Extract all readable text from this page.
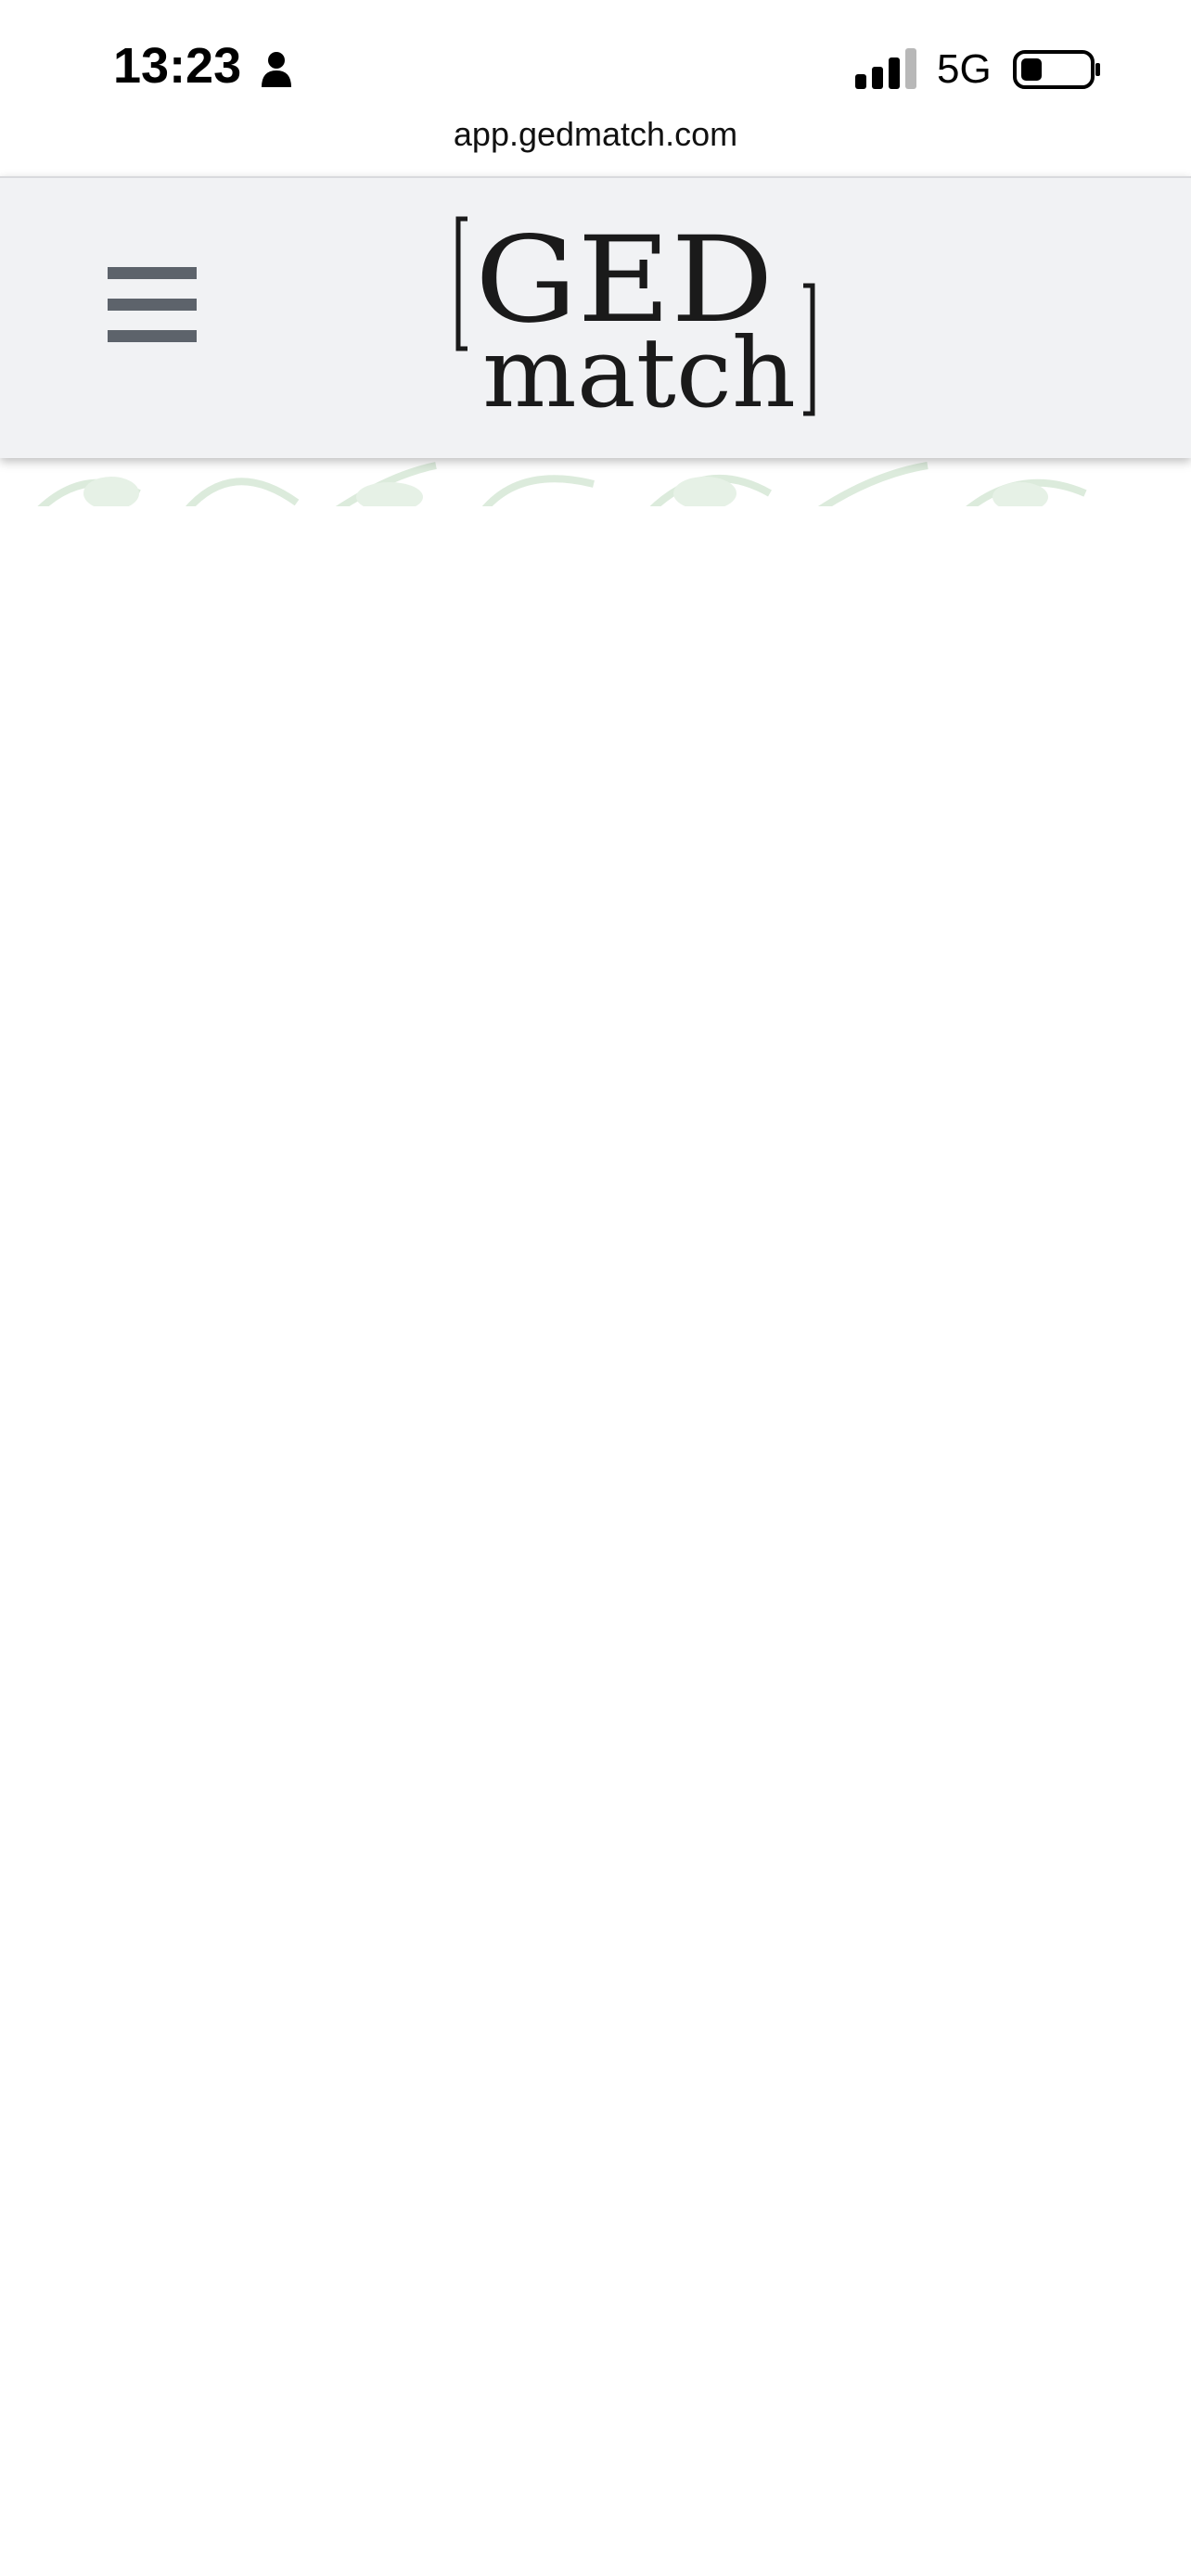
13:23	5G
app.gedmatch.com
GED
match
